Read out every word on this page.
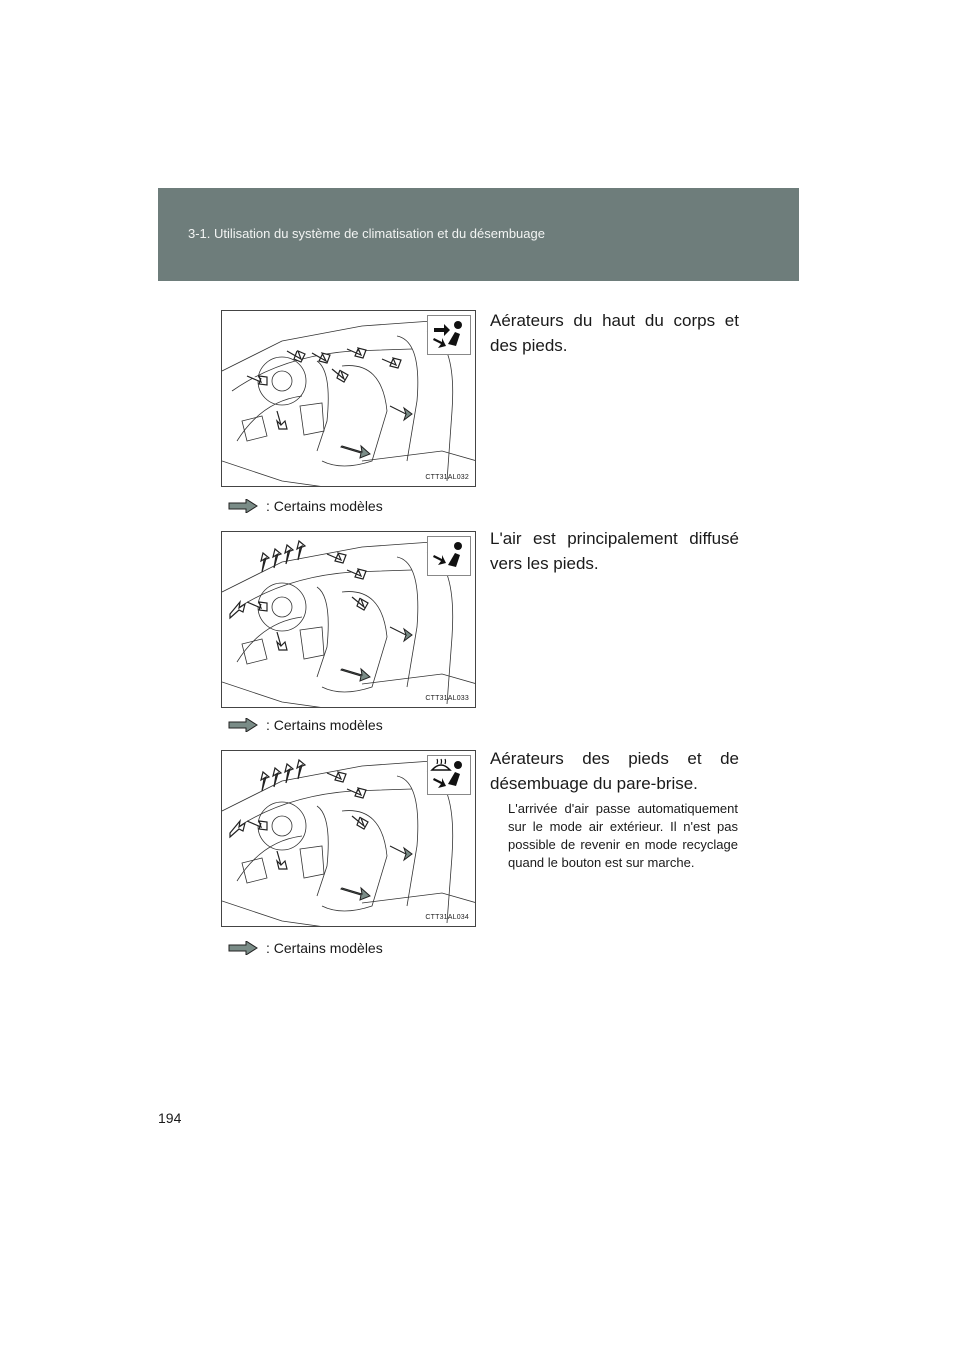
3-1. Utilisation du système de climatisation et du désembuage
CTT31AL032
: Certains modèles
Aérateurs du haut du corps et des pieds.
CTT31AL033
: Certains modèles
L'air est principalement diffusé vers les pieds.
CTT31AL034
: Certains modèles
Aérateurs des pieds et de désembuage du pare-brise.
L'arrivée d'air passe automatiquement sur le mode air extérieur. Il n'est pas possible de revenir en mode recyclage quand le bouton est sur marche.
194
